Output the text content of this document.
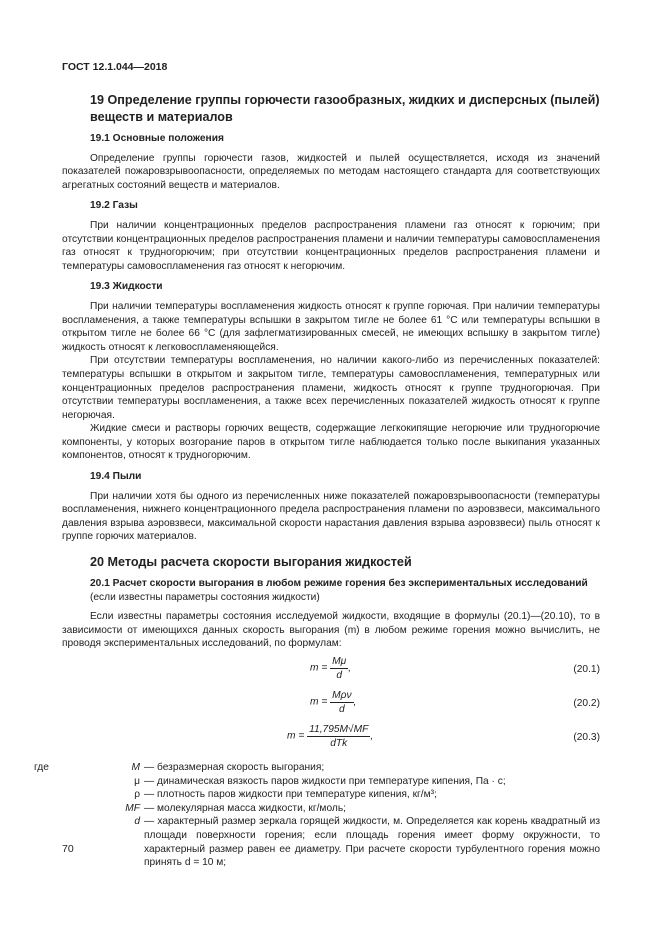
ГОСТ 12.1.044—2018
19 Определение группы горючести газообразных, жидких и дисперсных (пылей) веществ и материалов
19.1 Основные положения
Определение группы горючести газов, жидкостей и пылей осуществляется, исходя из значений показателей пожаровзрывоопасности, определяемых по методам настоящего стандарта для соответствующих агрегатных состояний веществ и материалов.
19.2 Газы
При наличии концентрационных пределов распространения пламени газ относят к горючим; при отсутствии концентрационных пределов распространения пламени и наличии температуры самовоспламенения газ относят к трудногорючим; при отсутствии концентрационных пределов распространения пламени и температуры самовоспламенения газ относят к негорючим.
19.3 Жидкости
При наличии температуры воспламенения жидкость относят к группе горючая. При наличии температуры воспламенения, а также температуры вспышки в закрытом тигле не более 61 °С или температуры вспышки в открытом тигле не более 66 °С (для зафлегматизированных смесей, не имеющих вспышку в закрытом тигле) жидкость относят к легковоспламеняющейся.
При отсутствии температуры воспламенения, но наличии какого-либо из перечисленных показателей: температуры вспышки в открытом и закрытом тигле, температуры самовоспламенения, температурных или концентрационных пределов распространения пламени, жидкость относят к группе трудногорючая. При отсутствии температуры воспламенения, а также всех перечисленных показателей жидкость относят к группе негорючая.
Жидкие смеси и растворы горючих веществ, содержащие легкокипящие негорючие или трудногорючие компоненты, у которых возгорание паров в открытом тигле наблюдается только после выкипания указанных компонентов, относят к трудногорючим.
19.4 Пыли
При наличии хотя бы одного из перечисленных ниже показателей пожаровзрывоопасности (температуры воспламенения, нижнего концентрационного предела распространения пламени по аэровзвеси, максимального давления взрыва аэровзвеси, максимальной скорости нарастания давления взрыва аэровзвеси) пыль относят к группе горючих материалов.
20 Методы расчета скорости выгорания жидкостей
20.1 Расчет скорости выгорания в любом режиме горения без экспериментальных исследований (если известны параметры состояния жидкости)
Если известны параметры состояния исследуемой жидкости, входящие в формулы (20.1)—(20.10), то в зависимости от имеющихся данных скорость выгорания (m) в любом режиме горения можно вычислить, не проводя экспериментальных исследований, по формулам:
$m = \frac{M\mu}{d}$ ,	(20.1)
$m = \frac{\text{Mρν}}{d}$ ,	(20.2)
$m = \frac{11,795M√MF}{\text{dTk}}$ ,	(20.3)
где	M — безразмерная скорость выгорания;
μ — динамическая вязкость паров жидкости при температуре кипения, Па · с;
ρ — плотность паров жидкости при температуре кипения, кг/м³;
MF — молекулярная масса жидкости, кг/моль;
d — характерный размер зеркала горящей жидкости, м. Определяется как корень квадратный из площади поверхности горения; если площадь горения имеет форму окружности, то характерный размер равен ее диаметру. При расчете скорости турбулентного горения можно принять d = 10 м;
70
